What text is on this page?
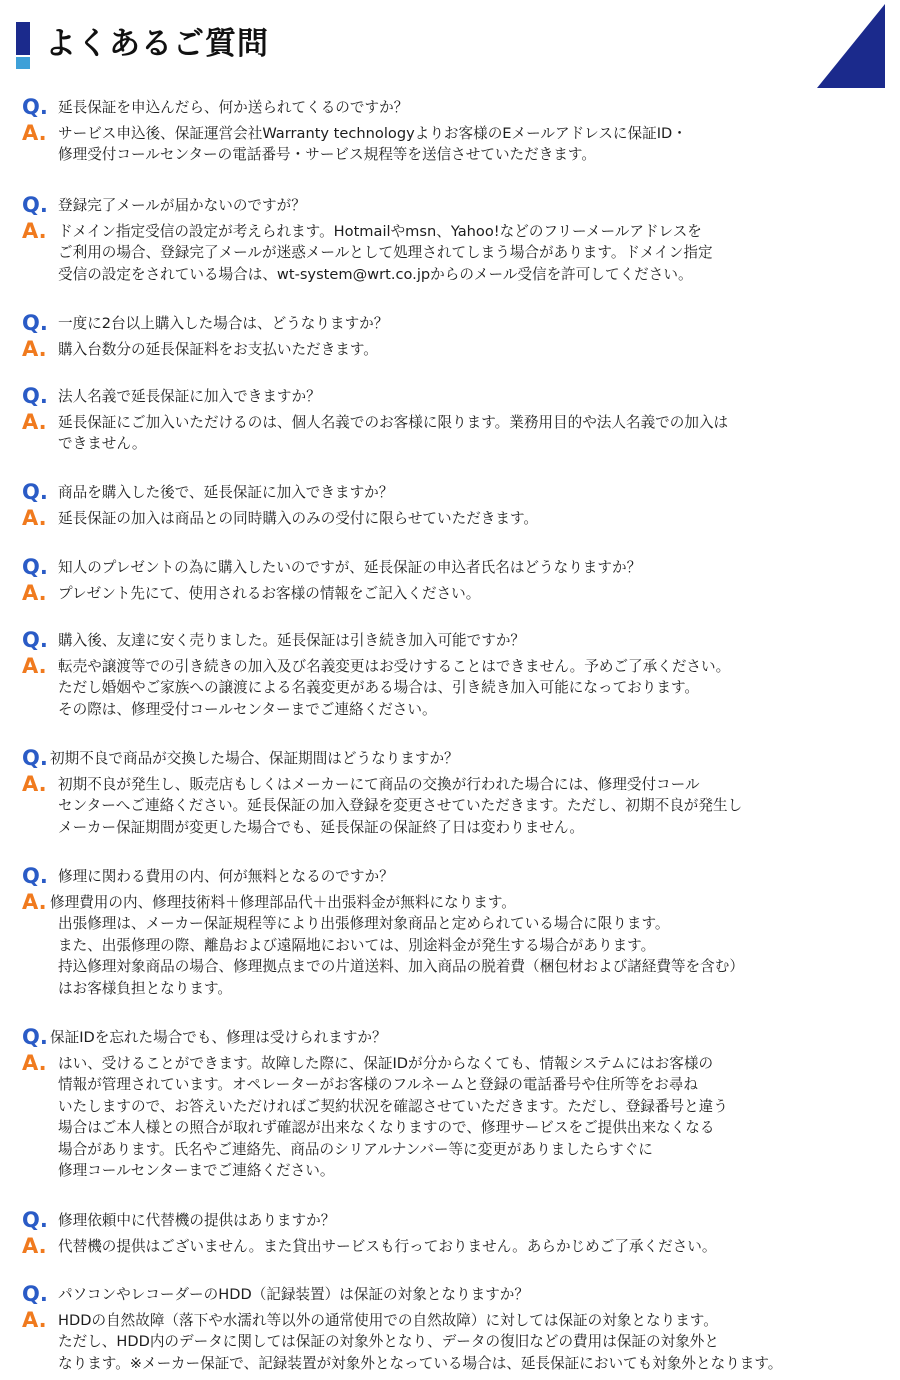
よくあるご質問
Q. 延長保証を申込んだら、何か送られてくるのですか？
A. サービス申込後、保証運営会社Warranty technologyよりお客様のEメールアドレスに保証ID・
修理受付コールセンターの電話番号・サービス規程等を送信させていただきます。
Q. 登録完了メールが届かないのですが？
A. ドメイン指定受信の設定が考えられます。Hotmailやmsn、Yahoo!などのフリーメールアドレスを
ご利用の場合、登録完了メールが迷惑メールとして処理されてしまう場合があります。ドメイン指定
受信の設定をされている場合は、wt-system@wrt.co.jpからのメール受信を許可してください。
Q. 一度に2台以上購入した場合は、どうなりますか？
A. 購入台数分の延長保証料をお支払いただきます。
Q. 法人名義で延長保証に加入できますか？
A. 延長保証にご加入いただけるのは、個人名義でのお客様に限ります。業務用目的や法人名義での加入は
できません。
Q. 商品を購入した後で、延長保証に加入できますか？
A. 延長保証の加入は商品との同時購入のみの受付に限らせていただきます。
Q. 知人のプレゼントの為に購入したいのですが、延長保証の申込者氏名はどうなりますか？
A. プレゼント先にて、使用されるお客様の情報をご記入ください。
Q. 購入後、友達に安く売りました。延長保証は引き続き加入可能ですか？
A. 転売や譲渡等での引き続きの加入及び名義変更はお受けすることはできません。予めご了承ください。
ただし婚姻やご家族への譲渡による名義変更がある場合は、引き続き加入可能になっております。
その際は、修理受付コールセンターまでご連絡ください。
Q. 初期不良で商品が交換した場合、保証期間はどうなりますか？
A. 初期不良が発生し、販売店もしくはメーカーにて商品の交換が行われた場合には、修理受付コール
センターへご連絡ください。延長保証の加入登録を変更させていただきます。ただし、初期不良が発生し
メーカー保証期間が変更した場合でも、延長保証の保証終了日は変わりません。
Q. 修理に関わる費用の内、何が無料となるのですか？
A. 修理費用の内、修理技術料＋修理部品代＋出張料金が無料になります。
出張修理は、メーカー保証規程等により出張修理対象商品と定められている場合に限ります。
また、出張修理の際、離島および遠隔地においては、別途料金が発生する場合があります。
持込修理対象商品の場合、修理拠点までの片道送料、加入商品の脱着費（梱包材および諸経費等を含む）
はお客様負担となります。
Q. 保証IDを忘れた場合でも、修理は受けられますか？
A. はい、受けることができます。故障した際に、保証IDが分からなくても、情報システムにはお客様の
情報が管理されています。オペレーターがお客様のフルネームと登録の電話番号や住所等をお尋ね
いたしますので、お答えいただければご契約状況を確認させていただきます。ただし、登録番号と違う
場合はご本人様との照合が取れず確認が出来なくなりますので、修理サービスをご提供出来なくなる
場合があります。氏名やご連絡先、商品のシリアルナンバー等に変更がありましたらすぐに
修理コールセンターまでご連絡ください。
Q. 修理依頼中に代替機の提供はありますか？
A. 代替機の提供はございません。また貸出サービスも行っておりません。あらかじめご了承ください。
Q. パソコンやレコーダーのHDD（記録装置）は保証の対象となりますか？
A. HDDの自然故障（落下や水濡れ等以外の通常使用での自然故障）に対しては保証の対象となります。
ただし、HDD内のデータに関しては保証の対象外となり、データの復旧などの費用は保証の対象外と
なります。※メーカー保証で、記録装置が対象外となっている場合は、延長保証においても対象外となります。
